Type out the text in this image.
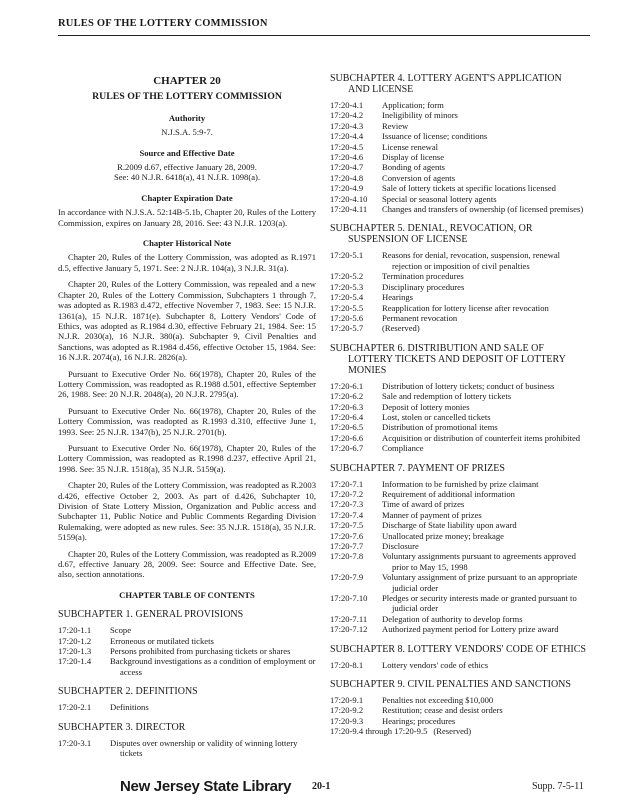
RULES OF THE LOTTERY COMMISSION
CHAPTER 20
RULES OF THE LOTTERY COMMISSION
Authority
N.J.S.A. 5:9-7.
Source and Effective Date
R.2009 d.67, effective January 28, 2009.
See: 40 N.J.R. 6418(a), 41 N.J.R. 1098(a).
Chapter Expiration Date
In accordance with N.J.S.A. 52:14B-5.1b, Chapter 20, Rules of the Lottery Commission, expires on January 28, 2016. See: 43 N.J.R. 1203(a).
Chapter Historical Note
Chapter 20, Rules of the Lottery Commission, was adopted as R.1971 d.5, effective January 5, 1971. See: 2 N.J.R. 104(a), 3 N.J.R. 31(a).
Chapter 20, Rules of the Lottery Commission, was repealed and a new Chapter 20, Rules of the Lottery Commission, Subchapters 1 through 7, was adopted as R.1983 d.472, effective November 7, 1983. See: 15 N.J.R. 1361(a), 15 N.J.R. 1871(e). Subchapter 8, Lottery Vendors' Code of Ethics, was adopted as R.1984 d.30, effective February 21, 1984. See: 15 N.J.R. 2030(a), 16 N.J.R. 380(a). Subchapter 9, Civil Penalties and Sanctions, was adopted as R.1984 d.456, effective October 15, 1984. See: 16 N.J.R. 2074(a), 16 N.J.R. 2826(a).
Pursuant to Executive Order No. 66(1978), Chapter 20, Rules of the Lottery Commission, was readopted as R.1988 d.501, effective September 26, 1988. See: 20 N.J.R. 2048(a), 20 N.J.R. 2795(a).
Pursuant to Executive Order No. 66(1978), Chapter 20, Rules of the Lottery Commission, was readopted as R.1993 d.310, effective June 1, 1993. See: 25 N.J.R. 1347(b), 25 N.J.R. 2701(b).
Pursuant to Executive Order No. 66(1978), Chapter 20, Rules of the Lottery Commission, was readopted as R.1998 d.237, effective April 21, 1998. See: 35 N.J.R. 1518(a), 35 N.J.R. 5159(a).
Chapter 20, Rules of the Lottery Commission, was readopted as R.2003 d.426, effective October 2, 2003. As part of d.426, Subchapter 10, Division of State Lottery Mission, Organization and Public access and Subchapter 11, Public Notice and Public Comments Regarding Division Rulemaking, were adopted as new rules. See: 35 N.J.R. 1518(a), 35 N.J.R. 5159(a).
Chapter 20, Rules of the Lottery Commission, was readopted as R.2009 d.67, effective January 28, 2009. See: Source and Effective Date. See, also, section annotations.
CHAPTER TABLE OF CONTENTS
SUBCHAPTER 1. GENERAL PROVISIONS
17:20-1.1	Scope
17:20-1.2	Erroneous or mutilated tickets
17:20-1.3	Persons prohibited from purchasing tickets or shares
17:20-1.4	Background investigations as a condition of employment or access
SUBCHAPTER 2. DEFINITIONS
17:20-2.1	Definitions
SUBCHAPTER 3. DIRECTOR
17:20-3.1	Disputes over ownership or validity of winning lottery tickets
SUBCHAPTER 4. LOTTERY AGENT'S APPLICATION
AND LICENSE
17:20-4.1	Application; form
17:20-4.2	Ineligibility of minors
17:20-4.3	Review
17:20-4.4	Issuance of license; conditions
17:20-4.5	License renewal
17:20-4.6	Display of license
17:20-4.7	Bonding of agents
17:20-4.8	Conversion of agents
17:20-4.9	Sale of lottery tickets at specific locations licensed
17:20-4.10	Special or seasonal lottery agents
17:20-4.11	Changes and transfers of ownership (of licensed premises)
SUBCHAPTER 5. DENIAL, REVOCATION, OR
SUSPENSION OF LICENSE
17:20-5.1	Reasons for denial, revocation, suspension, renewal rejection or imposition of civil penalties
17:20-5.2	Termination procedures
17:20-5.3	Disciplinary procedures
17:20-5.4	Hearings
17:20-5.5	Reapplication for lottery license after revocation
17:20-5.6	Permanent revocation
17:20-5.7	(Reserved)
SUBCHAPTER 6. DISTRIBUTION AND SALE OF
LOTTERY TICKETS AND DEPOSIT OF LOTTERY MONIES
17:20-6.1	Distribution of lottery tickets; conduct of business
17:20-6.2	Sale and redemption of lottery tickets
17:20-6.3	Deposit of lottery monies
17:20-6.4	Lost, stolen or cancelled tickets
17:20-6.5	Distribution of promotional items
17:20-6.6	Acquisition or distribution of counterfeit items prohibited
17:20-6.7	Compliance
SUBCHAPTER 7. PAYMENT OF PRIZES
17:20-7.1	Information to be furnished by prize claimant
17:20-7.2	Requirement of additional information
17:20-7.3	Time of award of prizes
17:20-7.4	Manner of payment of prizes
17:20-7.5	Discharge of State liability upon award
17:20-7.6	Unallocated prize money; breakage
17:20-7.7	Disclosure
17:20-7.8	Voluntary assignments pursuant to agreements approved prior to May 15, 1998
17:20-7.9	Voluntary assignment of prize pursuant to an appropriate judicial order
17:20-7.10	Pledges or security interests made or granted pursuant to judicial order
17:20-7.11	Delegation of authority to develop forms
17:20-7.12	Authorized payment period for Lottery prize award
SUBCHAPTER 8. LOTTERY VENDORS' CODE OF ETHICS
17:20-8.1	Lottery vendors' code of ethics
SUBCHAPTER 9. CIVIL PENALTIES AND SANCTIONS
17:20-9.1	Penalties not exceeding $10,000
17:20-9.2	Restitution; cease and desist orders
17:20-9.3	Hearings; procedures
17:20-9.4 through 17:20-9.5 (Reserved)
New Jersey State Library 20-1	Supp. 7-5-11
